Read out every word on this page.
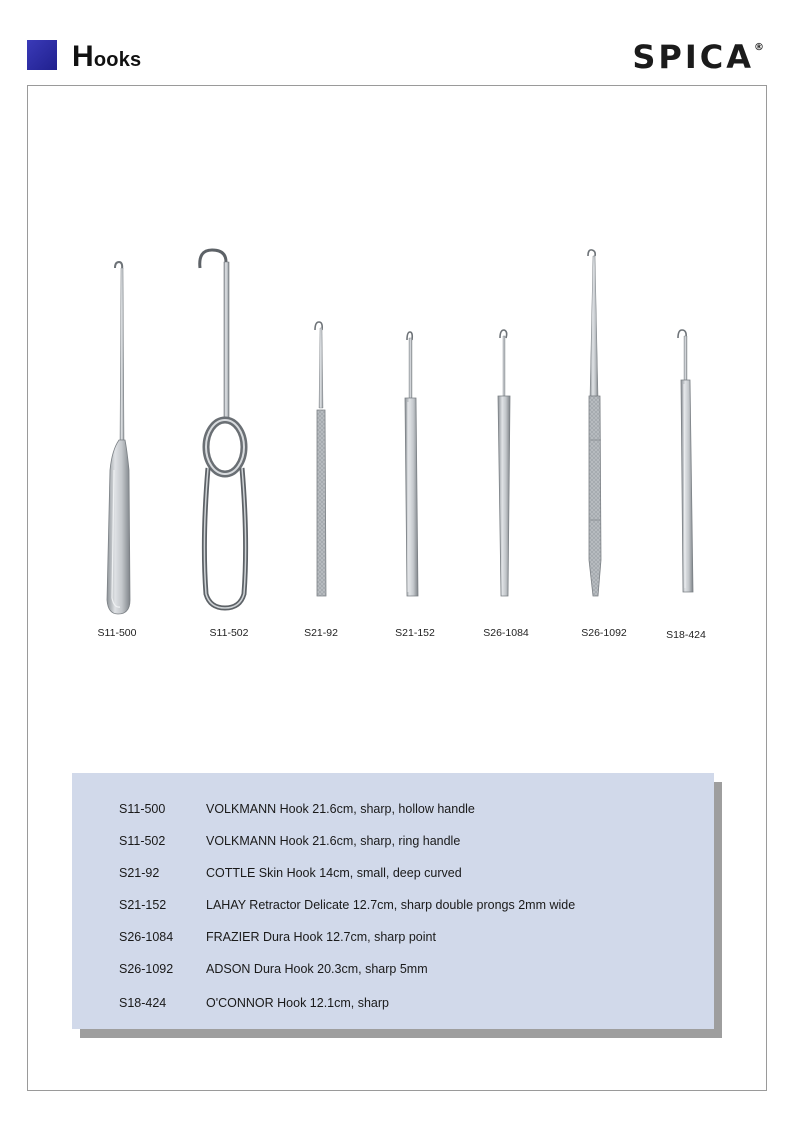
Hooks	SPICA®
S11-500	S11-502	S21-92	S21-152	S26-1084	S26-1092	S18-424
S11-500	VOLKMANN Hook 21.6cm, sharp, hollow handle
S11-502	VOLKMANN Hook 21.6cm, sharp, ring handle
S21-92	COTTLE Skin Hook 14cm, small, deep curved
S21-152	LAHAY Retractor Delicate 12.7cm, sharp double prongs 2mm wide
S26-1084	FRAZIER Dura Hook 12.7cm, sharp point
S26-1092	ADSON Dura Hook 20.3cm, sharp 5mm
S18-424	O'CONNOR Hook 12.1cm, sharp
